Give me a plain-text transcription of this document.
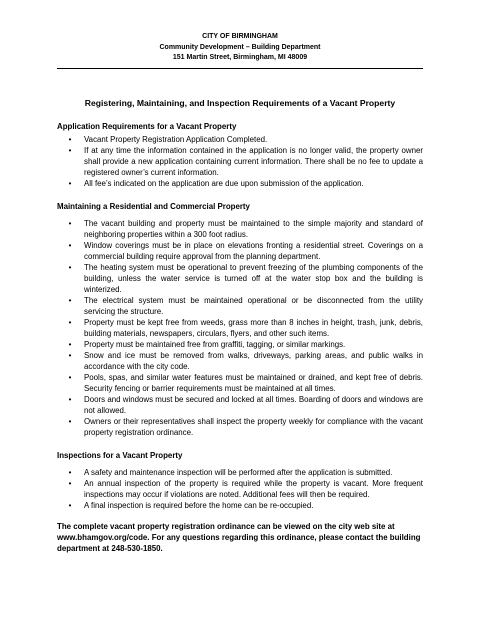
CITY OF BIRMINGHAM
Community Development – Building Department
151 Martin Street, Birmingham, MI 48009
Registering, Maintaining, and Inspection Requirements of a Vacant Property
Application Requirements for a Vacant Property
•	Vacant Property Registration Application Completed.
•	If at any time the information contained in the application is no longer valid, the property owner shall provide a new application containing current information. There shall be no fee to update a registered owner’s current information.
•	All fee’s indicated on the application are due upon submission of the application.
Maintaining a Residential and Commercial Property
•	The vacant building and property must be maintained to the simple majority and standard of neighboring properties within a 300 foot radius.
•	Window coverings must be in place on elevations fronting a residential street. Coverings on a commercial building require approval from the planning department.
•	The heating system must be operational to prevent freezing of the plumbing components of the building, unless the water service is turned off at the water stop box and the building is winterized.
•	The electrical system must be maintained operational or be disconnected from the utility servicing the structure.
•	Property must be kept free from weeds, grass more than 8 inches in height, trash, junk, debris, building materials, newspapers, circulars, flyers, and other such items.
•	Property must be maintained free from graffiti, tagging, or similar markings.
•	Snow and ice must be removed from walks, driveways, parking areas, and public walks in accordance with the city code.
•	Pools, spas, and similar water features must be maintained or drained, and kept free of debris. Security fencing or barrier requirements must be maintained at all times.
•	Doors and windows must be secured and locked at all times. Boarding of doors and windows are not allowed.
•	Owners or their representatives shall inspect the property weekly for compliance with the vacant property registration ordinance.
Inspections for a Vacant Property
•	A safety and maintenance inspection will be performed after the application is submitted.
•	An annual inspection of the property is required while the property is vacant. More frequent inspections may occur if violations are noted. Additional fees will then be required.
•	A final inspection is required before the home can be re-occupied.
The complete vacant property registration ordinance can be viewed on the city web site at www.bhamgov.org/code. For any questions regarding this ordinance, please contact the building department at 248-530-1850.
